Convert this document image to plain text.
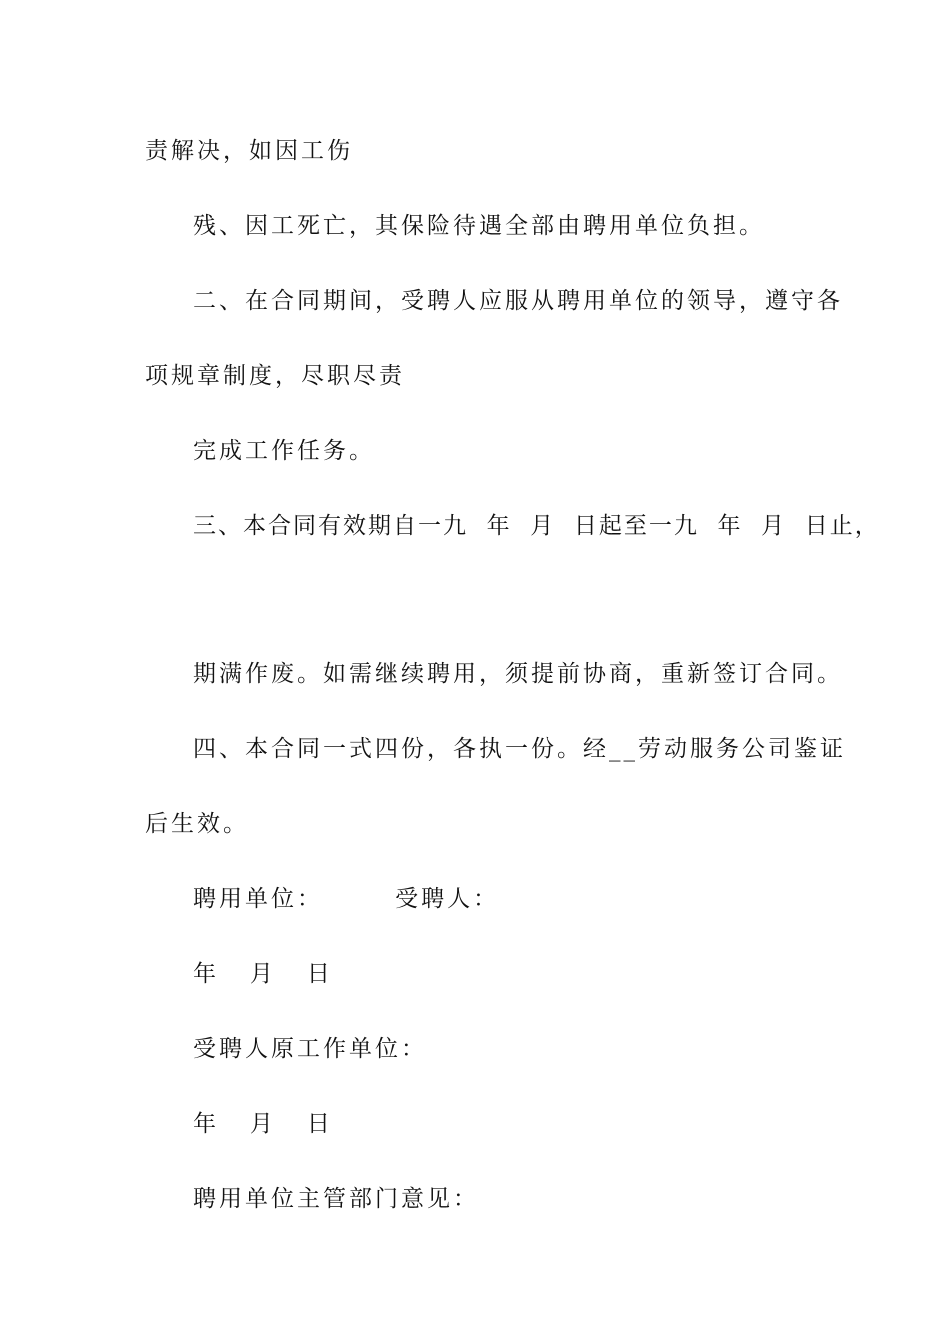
责解决，如因工伤

残、因工死亡，其保险待遇全部由聘用单位负担。

二、在合同期间，受聘人应服从聘用单位的领导，遵守各

项规章制度，尽职尽责

完成工作任务。

三、本合同有效期自一九  年  月  日起至一九  年  月  日止，

期满作废。如需继续聘用，须提前协商，重新签订合同。

四、本合同一式四份，各执一份。经__劳动服务公司鉴证

后生效。

聘用单位：       受聘人：

年   月   日

受聘人原工作单位：

年   月   日

聘用单位主管部门意见：
